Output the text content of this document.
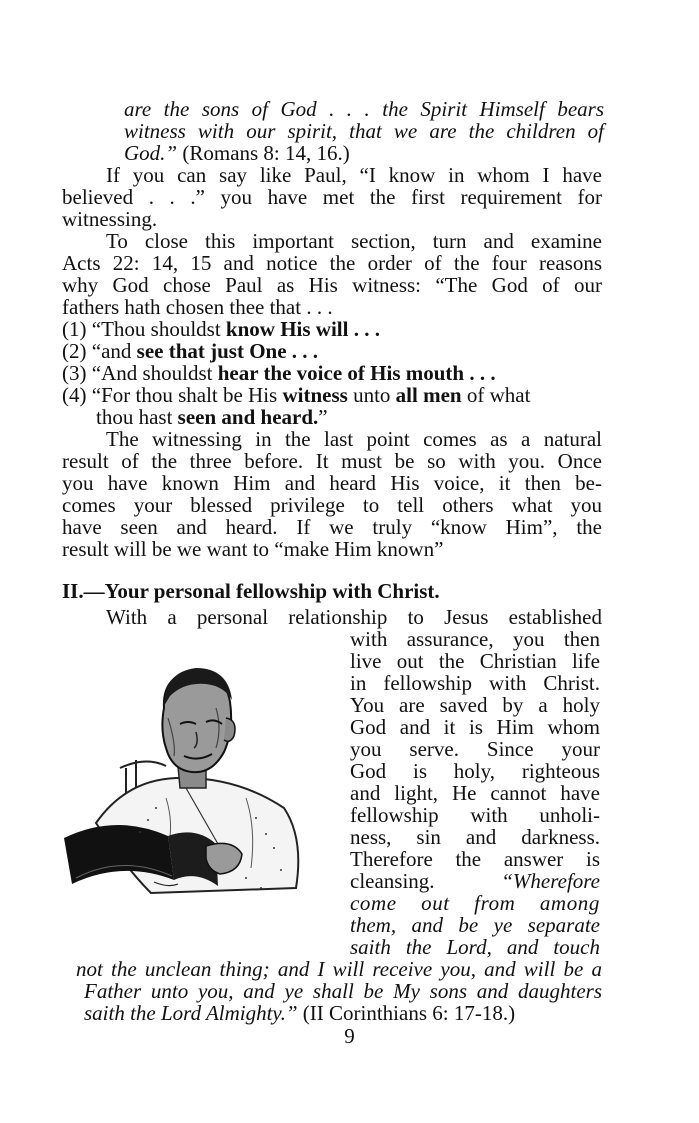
are the sons of God . . . the Spirit Himself bears
witness with our spirit, that we are the children of
God.” (Romans 8: 14, 16.)
If you can say like Paul, “I know in whom I have
believed . . .” you have met the first requirement for
witnessing.
To close this important section, turn and examine
Acts 22: 14, 15 and notice the order of the four reasons
why God chose Paul as His witness: “The God of our
fathers hath chosen thee that . . .
(1) “Thou shouldst know His will . . .
(2) “and see that just One . . .
(3) “And shouldst hear the voice of His mouth . . .
(4) “For thou shalt be His witness unto all men of what
thou hast seen and heard.”
The witnessing in the last point comes as a natural
result of the three before. It must be so with you. Once
you have known Him and heard His voice, it then be-
comes your blessed privilege to tell others what you
have seen and heard. If we truly “know Him”, the
result will be we want to “make Him known”
II.—Your personal fellowship with Christ.
With a personal relationship to Jesus established
with assurance, you then
live out the Christian life
in fellowship with Christ.
You are saved by a holy
God and it is Him whom
you serve. Since your
God is holy, righteous
and light, He cannot have
fellowship with unholi-
ness, sin and darkness.
Therefore the answer is
cleansing.	“Wherefore
come out from among
them, and be ye separate
saith the Lord, and touch
not the unclean thing; and I will receive you, and will be a
Father unto you, and ye shall be My sons and daughters
saith the Lord Almighty.” (II Corinthians 6: 17-18.)
9
